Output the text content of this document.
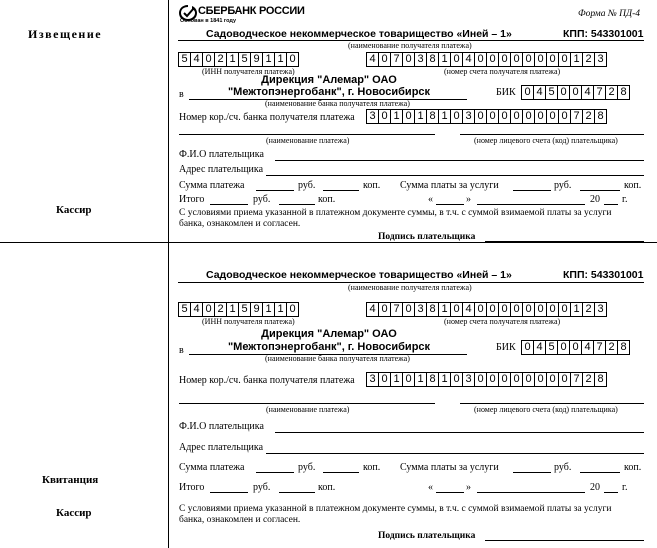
Извещение
Кассир
Квитанция
Кассир
СБЕРБАНК РОССИИ
Основан в 1841 году
Форма № ПД-4
Садоводческое некоммерческое товарищество «Иней – 1»	КПП: 543301001
(наименование получателя платежа)
5 4 0 2 1 5 9 1 1 0
(ИНН получателя платежа)
4 0 7 0 3 8 1 0 4 0 0 0 0 0 0 0 0 1 2 3
(номер счета получателя платежа)
в
Дирекция "Алемар" ОАО
"Межтопэнергобанк", г. Новосибирск
(наименование банка получателя платежа)
БИК 0 4 5 0 0 4 7 2 8
Номер кор./сч. банка получателя платежа	3 0 1 0 1 8 1 0 3 0 0 0 0 0 0 0 0 7 2 8
(наименование платежа)	(номер лицевого счета (код) плательщика)
Ф.И.О плательщика
Адрес плательщика
Сумма платежа	руб.	коп. Сумма платы за услуги	руб.	коп.
Итого	руб.	коп.	«	»	20 г.
С условиями приема указанной в платежном документе суммы, в т.ч. с суммой взимаемой платы за услуги
банка, ознакомлен и согласен.
Подпись плательщика
Садоводческое некоммерческое товарищество «Иней – 1»	КПП: 543301001
(наименование получателя платежа)
5 4 0 2 1 5 9 1 1 0
(ИНН получателя платежа)
4 0 7 0 3 8 1 0 4 0 0 0 0 0 0 0 0 1 2 3
(номер счета получателя платежа)
в
Дирекция "Алемар" ОАО
"Межтопэнергобанк", г. Новосибирск
(наименование банка получателя платежа)
БИК 0 4 5 0 0 4 7 2 8
Номер кор./сч. банка получателя платежа	3 0 1 0 1 8 1 0 3 0 0 0 0 0 0 0 0 7 2 8
(наименование платежа)	(номер лицевого счета (код) плательщика)
Ф.И.О плательщика
Адрес плательщика
Сумма платежа	руб.	коп. Сумма платы за услуги	руб.	коп.
Итого	руб.	коп.	«	»	20 г.
С условиями приема указанной в платежном документе суммы, в т.ч. с суммой взимаемой платы за услуги
банка, ознакомлен и согласен.
Подпись плательщика
